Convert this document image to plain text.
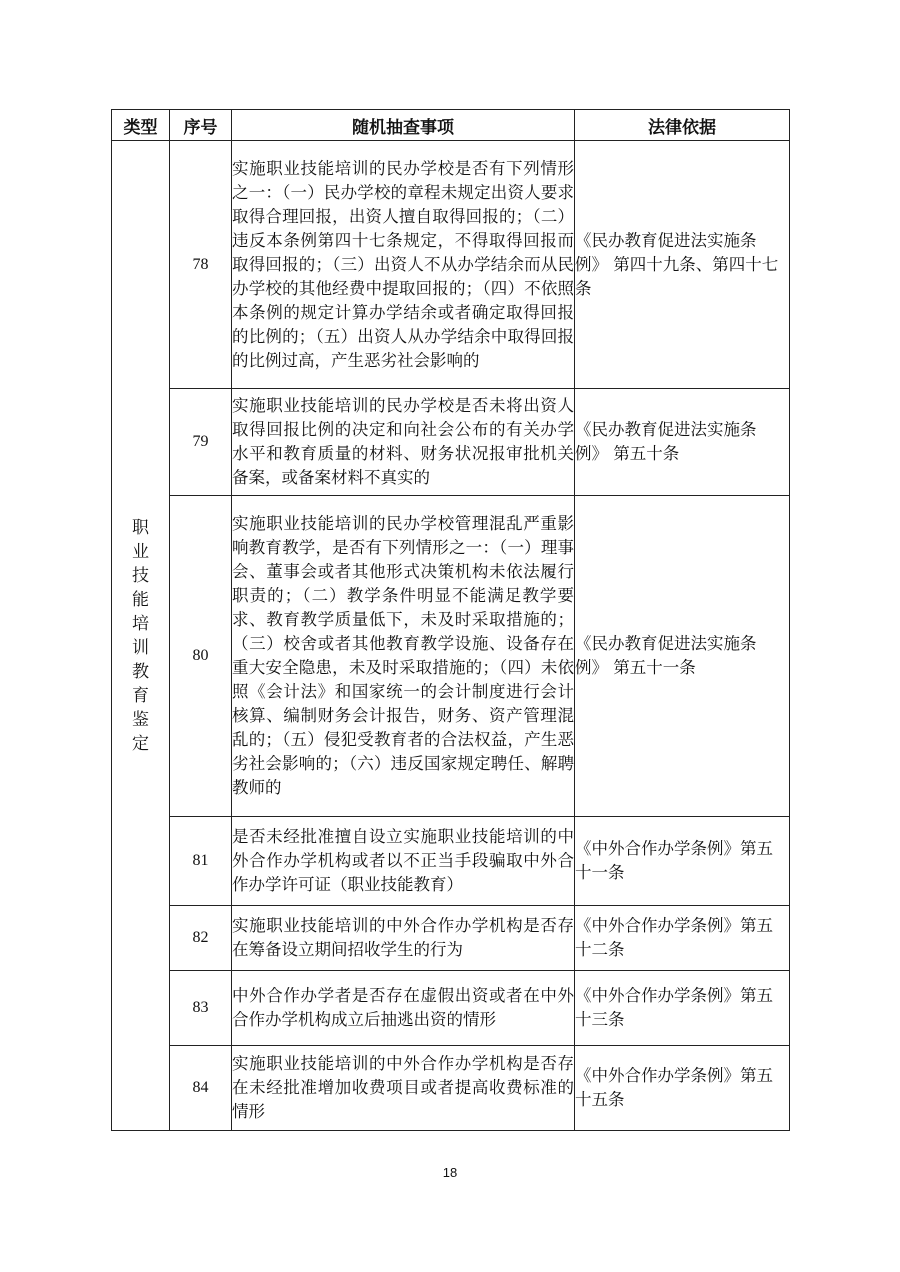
类型	序号	随机抽查事项	法律依据
职业技能培训教育鉴定	78	实施职业技能培训的民办学校是否有下列情形之一：（一）民办学校的章程未规定出资人要求取得合理回报，出资人擅自取得回报的；（二）违反本条例第四十七条规定，不得取得回报而取得回报的；（三）出资人不从办学结余而从民办学校的其他经费中提取回报的；（四）不依照本条例的规定计算办学结余或者确定取得回报的比例的；（五）出资人从办学结余中取得回报的比例过高，产生恶劣社会影响的	《民办教育促进法实施条例》 第四十九条、第四十七条
	79	实施职业技能培训的民办学校是否未将出资人取得回报比例的决定和向社会公布的有关办学水平和教育质量的材料、财务状况报审批机关备案，或备案材料不真实的	《民办教育促进法实施条例》 第五十条
	80	实施职业技能培训的民办学校管理混乱严重影响教育教学，是否有下列情形之一：（一）理事会、董事会或者其他形式决策机构未依法履行职责的；（二）教学条件明显不能满足教学要求、教育教学质量低下，未及时采取措施的；（三）校舍或者其他教育教学设施、设备存在重大安全隐患，未及时采取措施的；（四）未依照《会计法》和国家统一的会计制度进行会计核算、编制财务会计报告，财务、资产管理混乱的；（五）侵犯受教育者的合法权益，产生恶劣社会影响的；（六）违反国家规定聘任、解聘教师的	《民办教育促进法实施条例》 第五十一条
	81	是否未经批准擅自设立实施职业技能培训的中外合作办学机构或者以不正当手段骗取中外合作办学许可证（职业技能教育）	《中外合作办学条例》第五十一条
	82	实施职业技能培训的中外合作办学机构是否存在筹备设立期间招收学生的行为	《中外合作办学条例》第五十二条
	83	中外合作办学者是否存在虚假出资或者在中外合作办学机构成立后抽逃出资的情形	《中外合作办学条例》第五十三条
	84	实施职业技能培训的中外合作办学机构是否存在未经批准增加收费项目或者提高收费标准的情形	《中外合作办学条例》第五十五条
18
